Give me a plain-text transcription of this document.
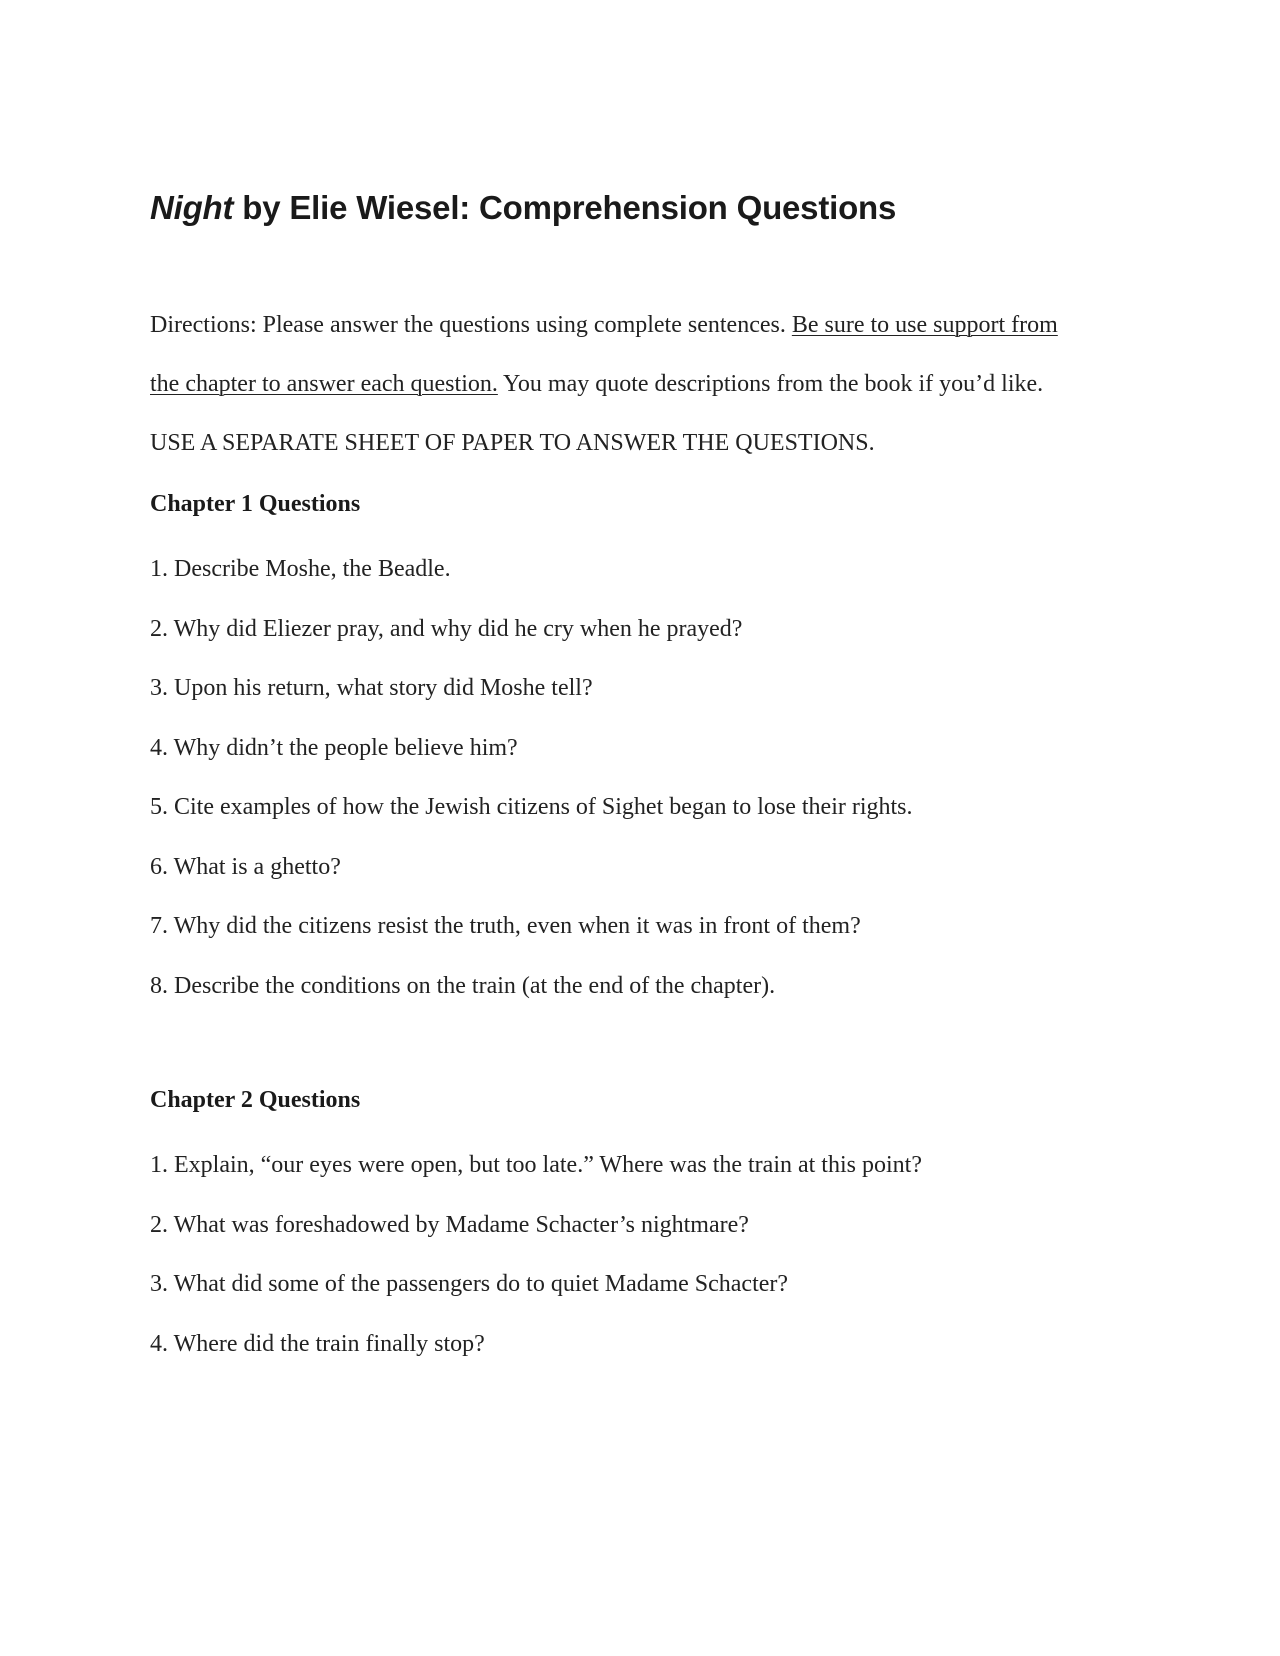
Night by Elie Wiesel: Comprehension Questions
Directions: Please answer the questions using complete sentences. Be sure to use support from
the chapter to answer each question. You may quote descriptions from the book if you’d like.
USE A SEPARATE SHEET OF PAPER TO ANSWER THE QUESTIONS.
Chapter 1 Questions
1. Describe Moshe, the Beadle.
2. Why did Eliezer pray, and why did he cry when he prayed?
3. Upon his return, what story did Moshe tell?
4. Why didn’t the people believe him?
5. Cite examples of how the Jewish citizens of Sighet began to lose their rights.
6. What is a ghetto?
7. Why did the citizens resist the truth, even when it was in front of them?
8. Describe the conditions on the train (at the end of the chapter).
Chapter 2 Questions
1. Explain, “our eyes were open, but too late.” Where was the train at this point?
2. What was foreshadowed by Madame Schacter’s nightmare?
3. What did some of the passengers do to quiet Madame Schacter?
4. Where did the train finally stop?
